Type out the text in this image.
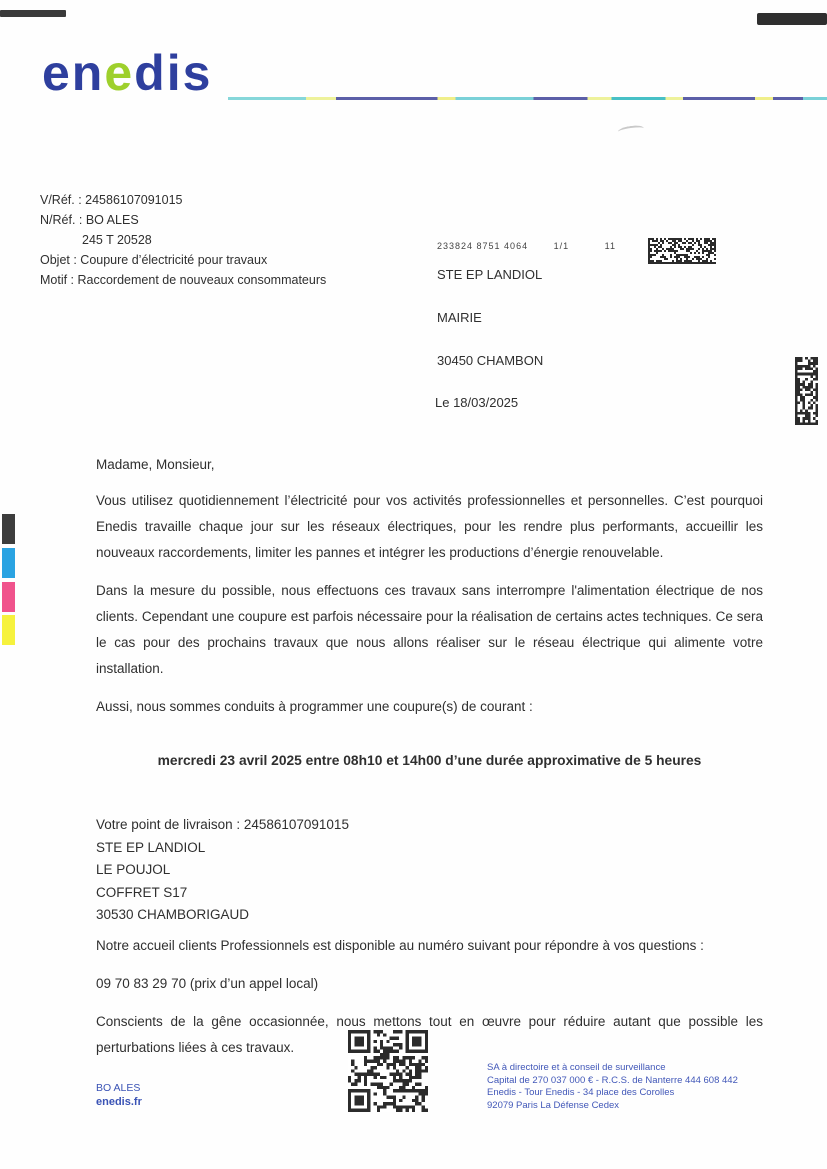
enedis
V/Réf. : 24586107091015
N/Réf. : BO ALES
245 T 20528
Objet : Coupure d’électricité pour travaux
Motif : Raccordement de nouveaux consommateurs
233824 8751 4064	1/1	11
STE EP LANDIOL
MAIRIE
30450 CHAMBON
Le 18/03/2025

Madame, Monsieur,

Vous utilisez quotidiennement l’électricité pour vos activités professionnelles et personnelles. C’est pourquoi Enedis travaille chaque jour sur les réseaux électriques, pour les rendre plus performants, accueillir les nouveaux raccordements, limiter les pannes et intégrer les productions d’énergie renouvelable.

Dans la mesure du possible, nous effectuons ces travaux sans interrompre l'alimentation électrique de nos clients. Cependant une coupure est parfois nécessaire pour la réalisation de certains actes techniques. Ce sera le cas pour des prochains travaux que nous allons réaliser sur le réseau électrique qui alimente votre installation.

Aussi, nous sommes conduits à programmer une coupure(s) de courant :

mercredi 23 avril 2025 entre 08h10 et 14h00 d’une durée approximative de 5 heures

Votre point de livraison : 24586107091015
STE EP LANDIOL
LE POUJOL
COFFRET S17
30530 CHAMBORIGAUD

Notre accueil clients Professionnels est disponible au numéro suivant pour répondre à vos questions :

09 70 83 29 70 (prix d’un appel local)

Conscients de la gêne occasionnée, nous mettons tout en œuvre pour réduire autant que possible les perturbations liées à ces travaux.

SA à directoire et à conseil de surveillance
Capital de 270 037 000 € - R.C.S. de Nanterre 444 608 442
Enedis - Tour Enedis - 34 place des Corolles
92079 Paris La Défense Cedex
BO ALES
enedis.fr
